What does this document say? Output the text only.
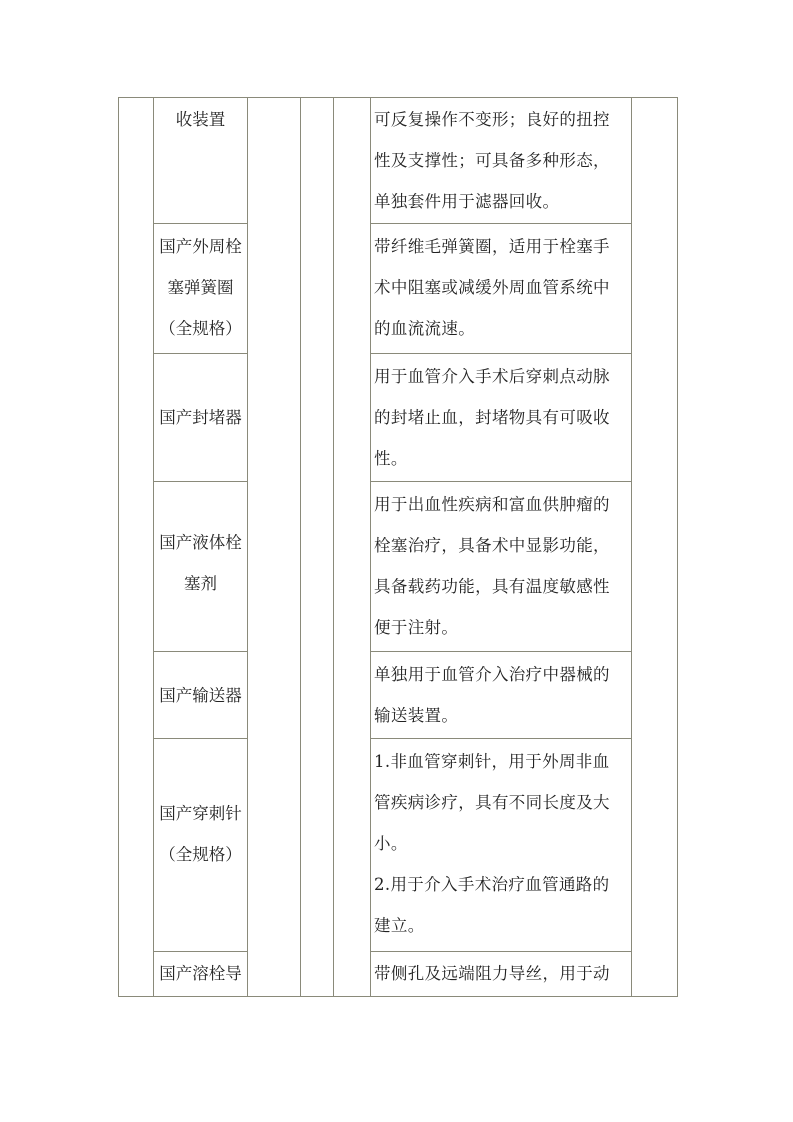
	收装置				可反复操作不变形；良好的扭控性及支撑性；可具备多种形态，单独套件用于滤器回收。	

	国产外周栓塞弹簧圈（全规格）				带纤维毛弹簧圈，适用于栓塞手术中阻塞或减缓外周血管系统中的血流流速。	

	国产封堵器				用于血管介入手术后穿刺点动脉的封堵止血，封堵物具有可吸收性。	

	国产液体栓塞剂				用于出血性疾病和富血供肿瘤的栓塞治疗，具备术中显影功能，具备载药功能，具有温度敏感性便于注射。	

	国产输送器				单独用于血管介入治疗中器械的输送装置。	

	国产穿刺针（全规格）				1.非血管穿刺针，用于外周非血管疾病诊疗，具有不同长度及大小。
2.用于介入手术治疗血管通路的建立。	

	国产溶栓导				带侧孔及远端阻力导丝，用于动	
